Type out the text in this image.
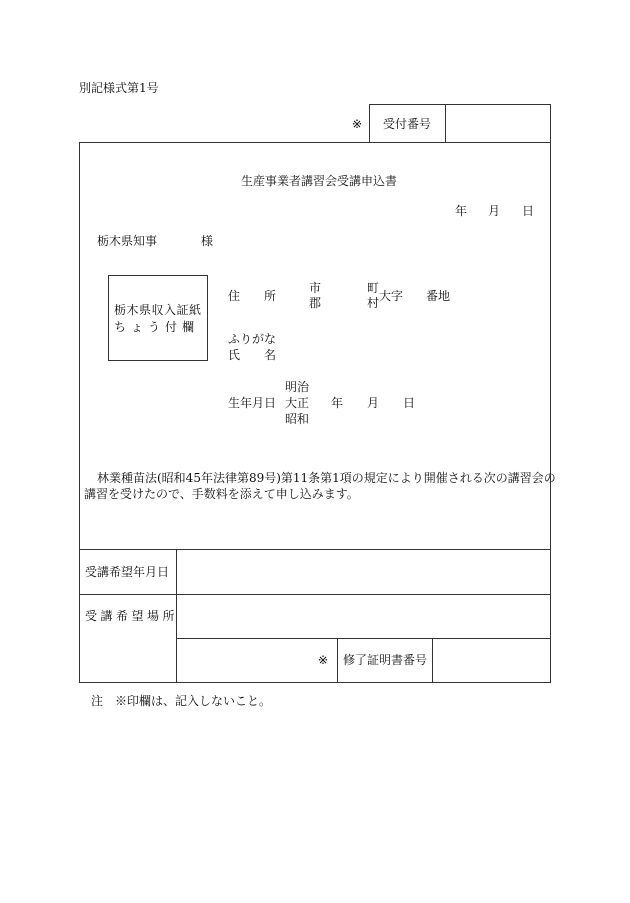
別記様式第1号
※ 受付番号
生産事業者講習会受講申込書
年 月 日
栃木県知事	様
栃木県収入証紙
ちょう付欄
住　　所
市
郡
町
村 大字 番地
ふりがな
氏　　名
生年月日
明治
大正
昭和
年 月 日
林業種苗法(昭和45年法律第89号)第11条第1項の規定により開催される次の講習会の
講習を受けたので、手数料を添えて申し込みます。
受講希望年月日
受講希望場所
※ 修了証明書番号
注　※印欄は、記入しないこと。
